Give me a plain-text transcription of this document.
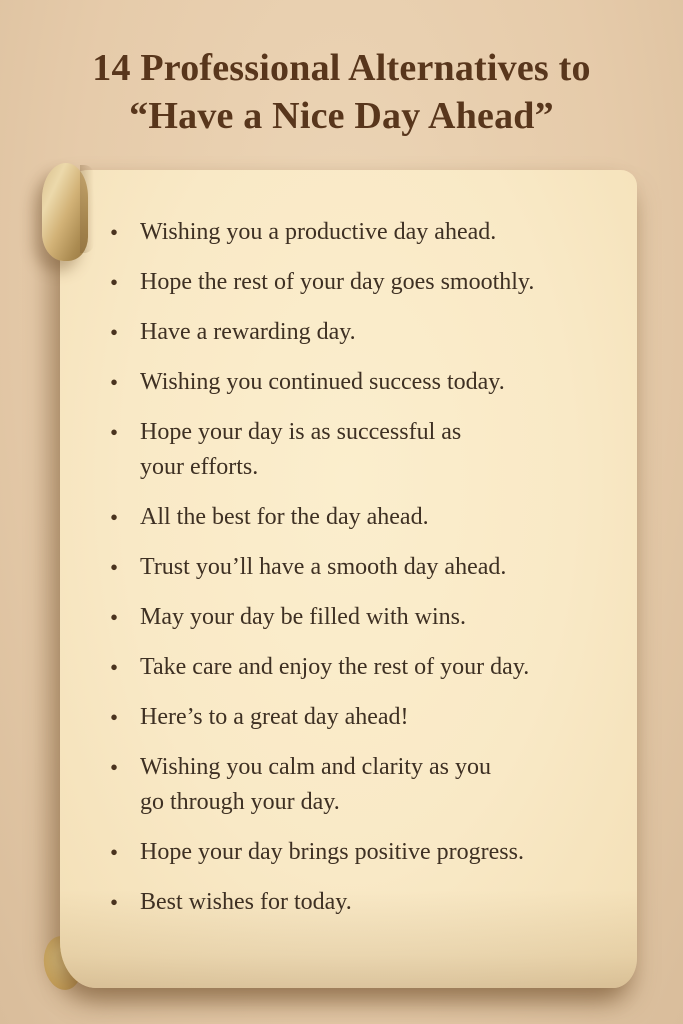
14 Professional Alternatives to
“Have a Nice Day Ahead”
• Wishing you a productive day ahead.
• Hope the rest of your day goes smoothly.
• Have a rewarding day.
• Wishing you continued success today.
• Hope your day is as successful as
your efforts.
• All the best for the day ahead.
• Trust you’ll have a smooth day ahead.
• May your day be filled with wins.
• Take care and enjoy the rest of your day.
• Here’s to a great day ahead!
• Wishing you calm and clarity as you
go through your day.
• Hope your day brings positive progress.
• Best wishes for today.
